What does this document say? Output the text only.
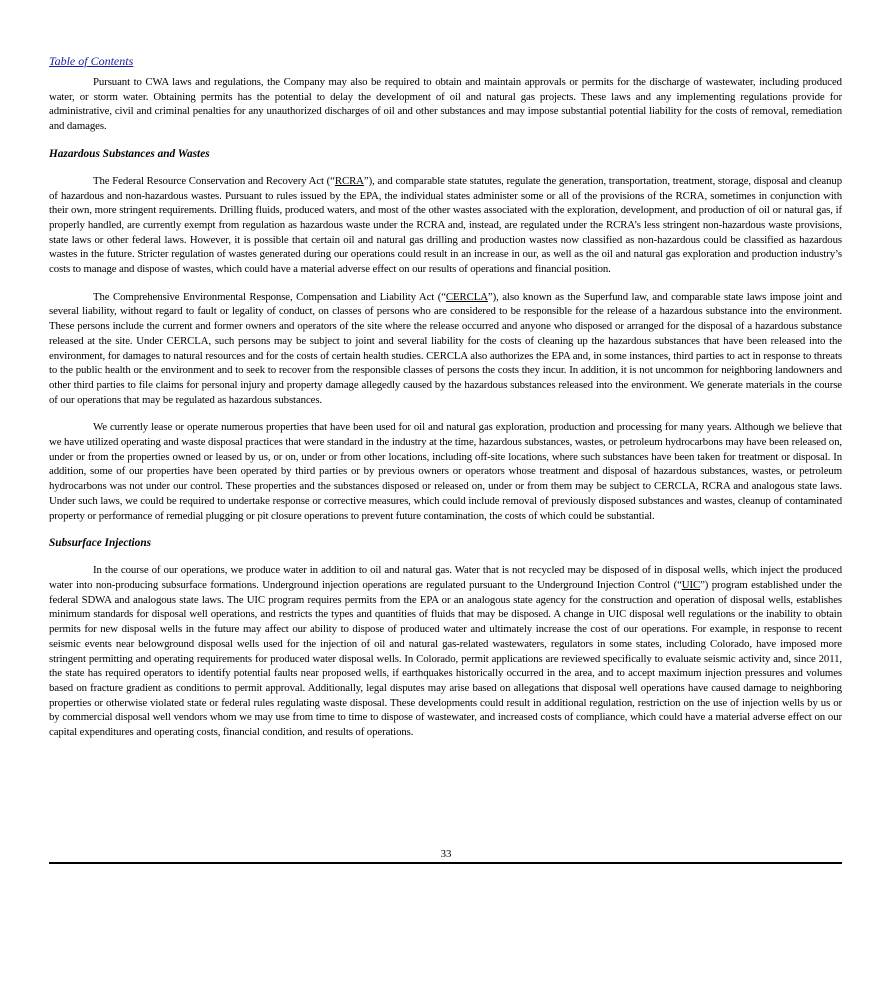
Table of Contents

Pursuant to CWA laws and regulations, the Company may also be required to obtain and maintain approvals or permits for the discharge of wastewater, including produced water, or storm water. Obtaining permits has the potential to delay the development of oil and natural gas projects. These laws and any implementing regulations provide for administrative, civil and criminal penalties for any unauthorized discharges of oil and other substances and may impose substantial potential liability for the costs of removal, remediation and damages.

Hazardous Substances and Wastes

The Federal Resource Conservation and Recovery Act (“RCRA”), and comparable state statutes, regulate the generation, transportation, treatment, storage, disposal and cleanup of hazardous and non-hazardous wastes. Pursuant to rules issued by the EPA, the individual states administer some or all of the provisions of the RCRA, sometimes in conjunction with their own, more stringent requirements. Drilling fluids, produced waters, and most of the other wastes associated with the exploration, development, and production of oil or natural gas, if properly handled, are currently exempt from regulation as hazardous waste under the RCRA and, instead, are regulated under the RCRA’s less stringent non-hazardous waste provisions, state laws or other federal laws. However, it is possible that certain oil and natural gas drilling and production wastes now classified as non-hazardous could be classified as hazardous wastes in the future. Stricter regulation of wastes generated during our operations could result in an increase in our, as well as the oil and natural gas exploration and production industry’s costs to manage and dispose of wastes, which could have a material adverse effect on our results of operations and financial position.

The Comprehensive Environmental Response, Compensation and Liability Act (“CERCLA”), also known as the Superfund law, and comparable state laws impose joint and several liability, without regard to fault or legality of conduct, on classes of persons who are considered to be responsible for the release of a hazardous substance into the environment. These persons include the current and former owners and operators of the site where the release occurred and anyone who disposed or arranged for the disposal of a hazardous substance released at the site. Under CERCLA, such persons may be subject to joint and several liability for the costs of cleaning up the hazardous substances that have been released into the environment, for damages to natural resources and for the costs of certain health studies. CERCLA also authorizes the EPA and, in some instances, third parties to act in response to threats to the public health or the environment and to seek to recover from the responsible classes of persons the costs they incur. In addition, it is not uncommon for neighboring landowners and other third parties to file claims for personal injury and property damage allegedly caused by the hazardous substances released into the environment. We generate materials in the course of our operations that may be regulated as hazardous substances.

We currently lease or operate numerous properties that have been used for oil and natural gas exploration, production and processing for many years. Although we believe that we have utilized operating and waste disposal practices that were standard in the industry at the time, hazardous substances, wastes, or petroleum hydrocarbons may have been released on, under or from the properties owned or leased by us, or on, under or from other locations, including off-site locations, where such substances have been taken for treatment or disposal. In addition, some of our properties have been operated by third parties or by previous owners or operators whose treatment and disposal of hazardous substances, wastes, or petroleum hydrocarbons was not under our control. These properties and the substances disposed or released on, under or from them may be subject to CERCLA, RCRA and analogous state laws. Under such laws, we could be required to undertake response or corrective measures, which could include removal of previously disposed substances and wastes, cleanup of contaminated property or performance of remedial plugging or pit closure operations to prevent future contamination, the costs of which could be substantial.

Subsurface Injections

In the course of our operations, we produce water in addition to oil and natural gas. Water that is not recycled may be disposed of in disposal wells, which inject the produced water into non-producing subsurface formations. Underground injection operations are regulated pursuant to the Underground Injection Control (“UIC”) program established under the federal SDWA and analogous state laws. The UIC program requires permits from the EPA or an analogous state agency for the construction and operation of disposal wells, establishes minimum standards for disposal well operations, and restricts the types and quantities of fluids that may be disposed. A change in UIC disposal well regulations or the inability to obtain permits for new disposal wells in the future may affect our ability to dispose of produced water and ultimately increase the cost of our operations. For example, in response to recent seismic events near belowground disposal wells used for the injection of oil and natural gas-related wastewaters, regulators in some states, including Colorado, have imposed more stringent permitting and operating requirements for produced water disposal wells. In Colorado, permit applications are reviewed specifically to evaluate seismic activity and, since 2011, the state has required operators to identify potential faults near proposed wells, if earthquakes historically occurred in the area, and to accept maximum injection pressures and volumes based on fracture gradient as conditions to permit approval. Additionally, legal disputes may arise based on allegations that disposal well operations have caused damage to neighboring properties or otherwise violated state or federal rules regulating waste disposal. These developments could result in additional regulation, restriction on the use of injection wells by us or by commercial disposal well vendors whom we may use from time to time to dispose of wastewater, and increased costs of compliance, which could have a material adverse effect on our capital expenditures and operating costs, financial condition, and results of operations.

33
